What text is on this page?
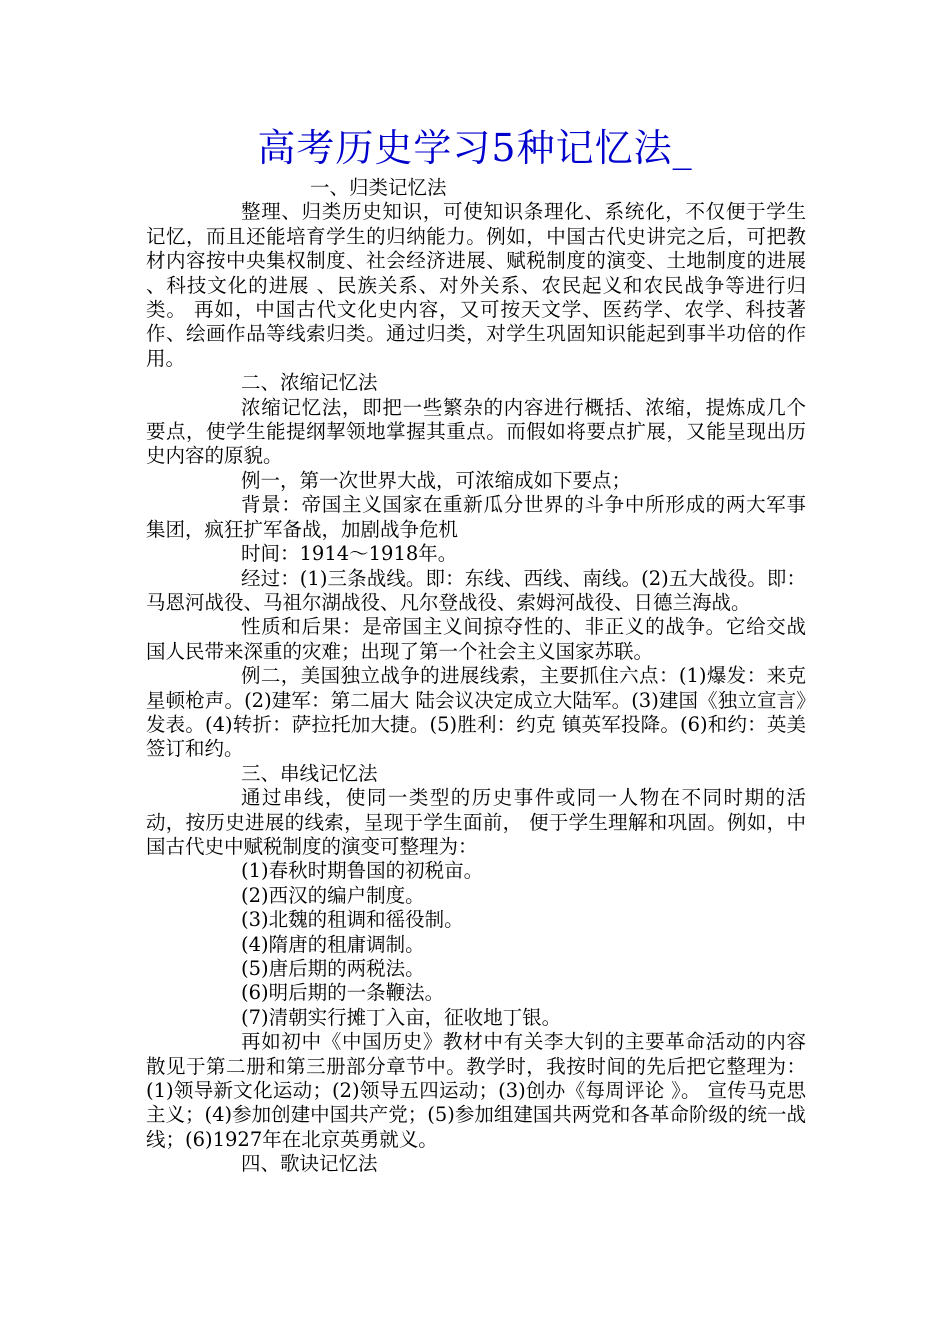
高考历史学习5种记忆法_

一、归类记忆法

整理、归类历史知识，可使知识条理化、系统化，不仅便于学生记忆，而且还能培育学生的归纳能力。例如，中国古代史讲完之后，可把教材内容按中央集权制度、社会经济进展、赋税制度的演变、土地制度的进展 、科技文化的进展 、民族关系、对外关系、农民起义和农民战争等进行归类。 再如，中国古代文化史内容，又可按天文学、医药学、农学、科技著作、绘画作品等线索归类。通过归类，对学生巩固知识能起到事半功倍的作用。

二、浓缩记忆法

浓缩记忆法，即把一些繁杂的内容进行概括、浓缩，提炼成几个要点，使学生能提纲挈领地掌握其重点。而假如将要点扩展，又能呈现出历史内容的原貌。

例一，第一次世界大战，可浓缩成如下要点；

背景：帝国主义国家在重新瓜分世界的斗争中所形成的两大军事集团，疯狂扩军备战，加剧战争危机

时间：1914～1918年。

经过：(1)三条战线。即：东线、西线、南线。(2)五大战役。即：马恩河战役、马祖尔湖战役、凡尔登战役、索姆河战役、日德兰海战。

性质和后果：是帝国主义间掠夺性的、非正义的战争。它给交战国人民带来深重的灾难；出现了第一个社会主义国家苏联。

例二，美国独立战争的进展线索，主要抓住六点：(1)爆发：来克星顿枪声。(2)建军：第二届大 陆会议决定成立大陆军。(3)建国《独立宣言》发表。(4)转折：萨拉托加大捷。(5)胜利：约克 镇英军投降。(6)和约：英美签订和约。

三、串线记忆法

通过串线，使同一类型的历史事件或同一人物在不同时期的活动，按历史进展的线索，呈现于学生面前， 便于学生理解和巩固。例如，中国古代史中赋税制度的演变可整理为：

(1)春秋时期鲁国的初税亩。

(2)西汉的编户制度。

(3)北魏的租调和徭役制。

(4)隋唐的租庸调制。

(5)唐后期的两税法。

(6)明后期的一条鞭法。

(7)清朝实行摊丁入亩，征收地丁银。

再如初中《中国历史》教材中有关李大钊的主要革命活动的内容散见于第二册和第三册部分章节中。教学时，我按时间的先后把它整理为：(1)领导新文化运动；(2)领导五四运动；(3)创办《每周评论 》。 宣传马克思主义；(4)参加创建中国共产党；(5)参加组建国共两党和各革命阶级的统一战线；(6)1927年在北京英勇就义。

四、歌诀记忆法
